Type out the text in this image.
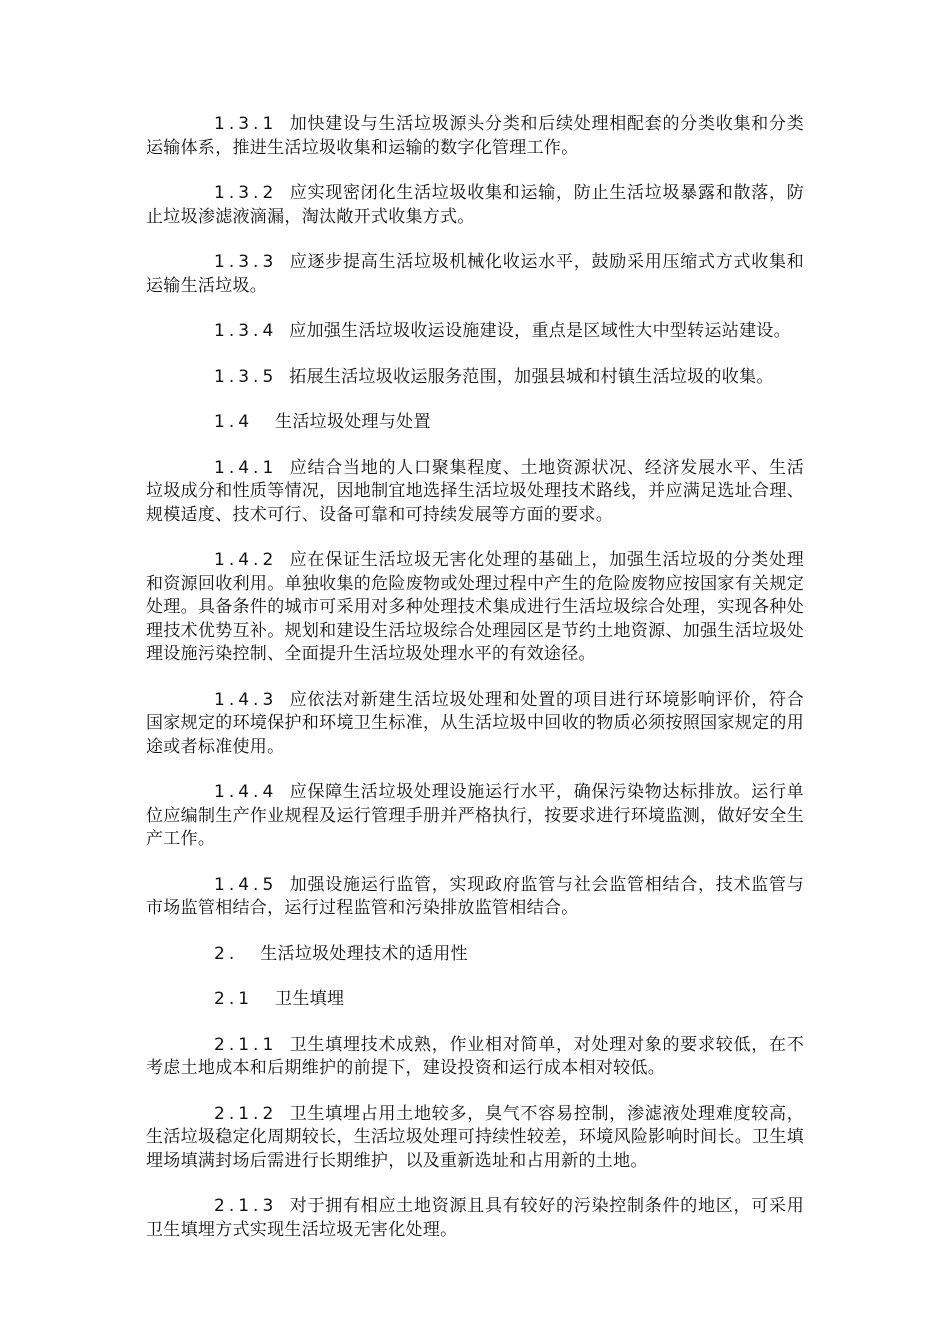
1.3.1 加快建设与生活垃圾源头分类和后续处理相配套的分类收集和分类运输体系，推进生活垃圾收集和运输的数字化管理工作。

1.3.2 应实现密闭化生活垃圾收集和运输，防止生活垃圾暴露和散落，防止垃圾渗滤液滴漏，淘汰敞开式收集方式。

1.3.3 应逐步提高生活垃圾机械化收运水平，鼓励采用压缩式方式收集和运输生活垃圾。

1.3.4 应加强生活垃圾收运设施建设，重点是区域性大中型转运站建设。

1.3.5 拓展生活垃圾收运服务范围，加强县城和村镇生活垃圾的收集。

1.4 生活垃圾处理与处置

1.4.1 应结合当地的人口聚集程度、土地资源状况、经济发展水平、生活垃圾成分和性质等情况，因地制宜地选择生活垃圾处理技术路线，并应满足选址合理、规模适度、技术可行、设备可靠和可持续发展等方面的要求。

1.4.2 应在保证生活垃圾无害化处理的基础上，加强生活垃圾的分类处理和资源回收利用。单独收集的危险废物或处理过程中产生的危险废物应按国家有关规定处理。具备条件的城市可采用对多种处理技术集成进行生活垃圾综合处理，实现各种处理技术优势互补。规划和建设生活垃圾综合处理园区是节约土地资源、加强生活垃圾处理设施污染控制、全面提升生活垃圾处理水平的有效途径。

1.4.3 应依法对新建生活垃圾处理和处置的项目进行环境影响评价，符合国家规定的环境保护和环境卫生标准，从生活垃圾中回收的物质必须按照国家规定的用途或者标准使用。

1.4.4 应保障生活垃圾处理设施运行水平，确保污染物达标排放。运行单位应编制生产作业规程及运行管理手册并严格执行，按要求进行环境监测，做好安全生产工作。

1.4.5 加强设施运行监管，实现政府监管与社会监管相结合，技术监管与市场监管相结合，运行过程监管和污染排放监管相结合。

2. 生活垃圾处理技术的适用性

2.1 卫生填埋

2.1.1 卫生填埋技术成熟，作业相对简单，对处理对象的要求较低，在不考虑土地成本和后期维护的前提下，建设投资和运行成本相对较低。

2.1.2 卫生填埋占用土地较多，臭气不容易控制，渗滤液处理难度较高，生活垃圾稳定化周期较长，生活垃圾处理可持续性较差，环境风险影响时间长。卫生填埋场填满封场后需进行长期维护，以及重新选址和占用新的土地。

2.1.3 对于拥有相应土地资源且具有较好的污染控制条件的地区，可采用卫生填埋方式实现生活垃圾无害化处理。
